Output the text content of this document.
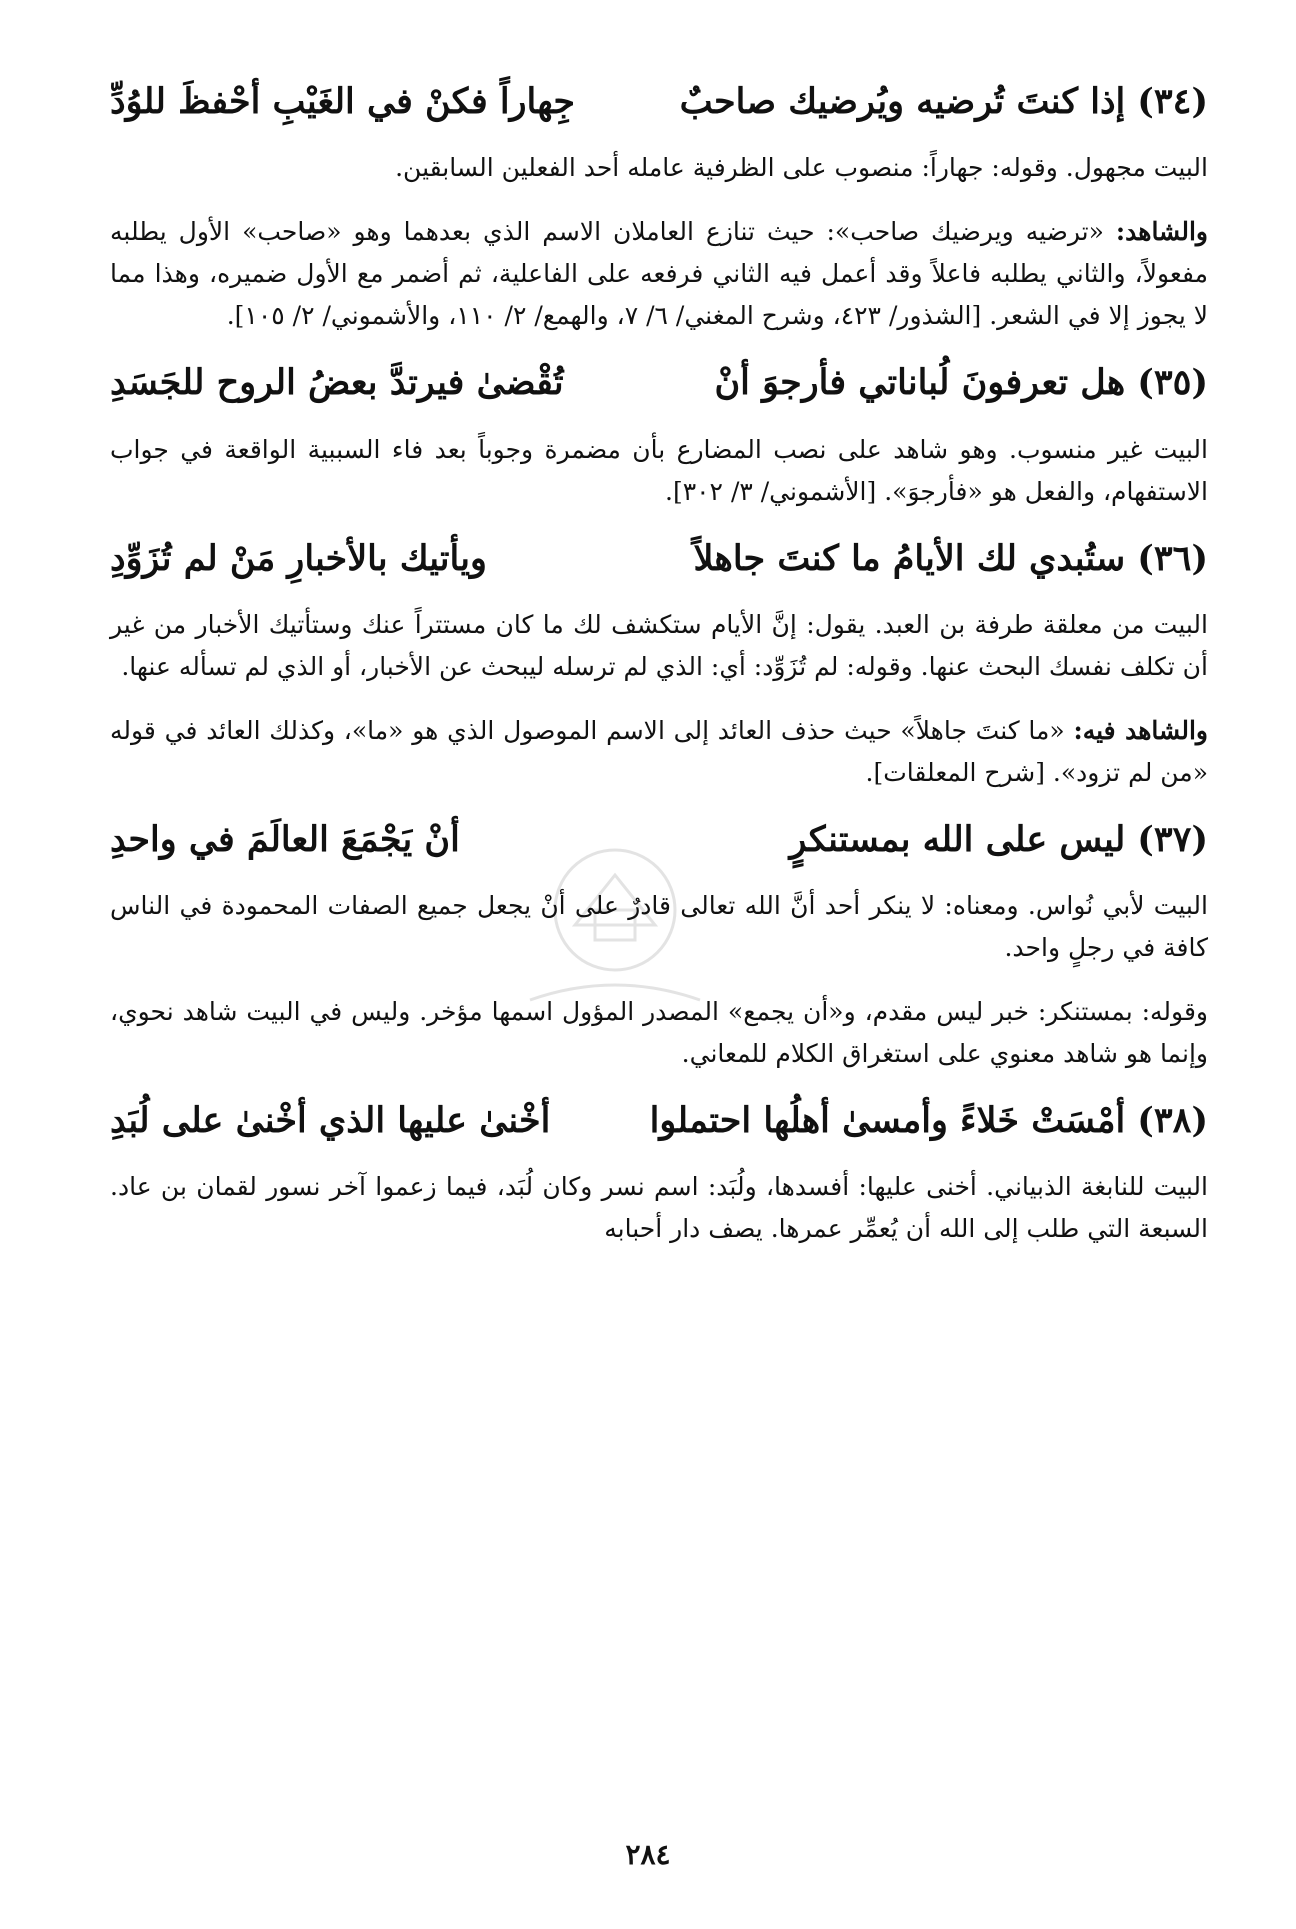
(٣٤)
إذا كنتَ تُرضيه ويُرضيك صاحبٌ
جِهاراً فكنْ في الغَيْبِ أحْفظَ للوُدِّ

البيت مجهول. وقوله: جهاراً: منصوب على الظرفية عامله أحد الفعلين السابقين.

والشاهد: «ترضيه ويرضيك صاحب»: حيث تنازع العاملان الاسم الذي بعدهما وهو «صاحب» الأول يطلبه مفعولاً، والثاني يطلبه فاعلاً وقد أعمل فيه الثاني فرفعه على الفاعلية، ثم أضمر مع الأول ضميره، وهذا مما لا يجوز إلا في الشعر. [الشذور/ ٤٢٣، وشرح المغني/ ٦/ ٧، والهمع/ ٢/ ١١٠، والأشموني/ ٢/ ١٠٥].

(٣٥)
هل تعرفونَ لُباناتي فأرجوَ أنْ
تُقْضىٰ فيرتدَّ بعضُ الروح للجَسَدِ

البيت غير منسوب. وهو شاهد على نصب المضارع بأن مضمرة وجوباً بعد فاء السببية الواقعة في جواب الاستفهام، والفعل هو «فأرجوَ». [الأشموني/ ٣/ ٣٠٢].

(٣٦)
ستُبدي لك الأيامُ ما كنتَ جاهلاً
ويأتيك بالأخبارِ مَنْ لم تُزَوِّدِ

البيت من معلقة طرفة بن العبد. يقول: إنَّ الأيام ستكشف لك ما كان مستتراً عنك وستأتيك الأخبار من غير أن تكلف نفسك البحث عنها. وقوله: لم تُزَوِّد: أي: الذي لم ترسله ليبحث عن الأخبار، أو الذي لم تسأله عنها.

والشاهد فيه: «ما كنتَ جاهلاً» حيث حذف العائد إلى الاسم الموصول الذي هو «ما»، وكذلك العائد في قوله «من لم تزود». [شرح المعلقات].

(٣٧)
ليس على الله بمستنكرٍ
أنْ يَجْمَعَ العالَمَ في واحدِ

البيت لأبي نُواس. ومعناه: لا ينكر أحد أنَّ الله تعالى قادرٌ على أنْ يجعل جميع الصفات المحمودة في الناس كافة في رجلٍ واحد.

وقوله: بمستنكر: خبر ليس مقدم، و«أن يجمع» المصدر المؤول اسمها مؤخر. وليس في البيت شاهد نحوي، وإنما هو شاهد معنوي على استغراق الكلام للمعاني.

(٣٨)
أمْسَتْ خَلاءً وأمسىٰ أهلُها احتملوا
أخْنىٰ عليها الذي أخْنىٰ على لُبَدِ

البيت للنابغة الذبياني. أخنى عليها: أفسدها، ولُبَد: اسم نسر وكان لُبَد، فيما زعموا آخر نسور لقمان بن عاد. السبعة التي طلب إلى الله أن يُعمِّر عمرها. يصف دار أحبابه

٢٨٤
